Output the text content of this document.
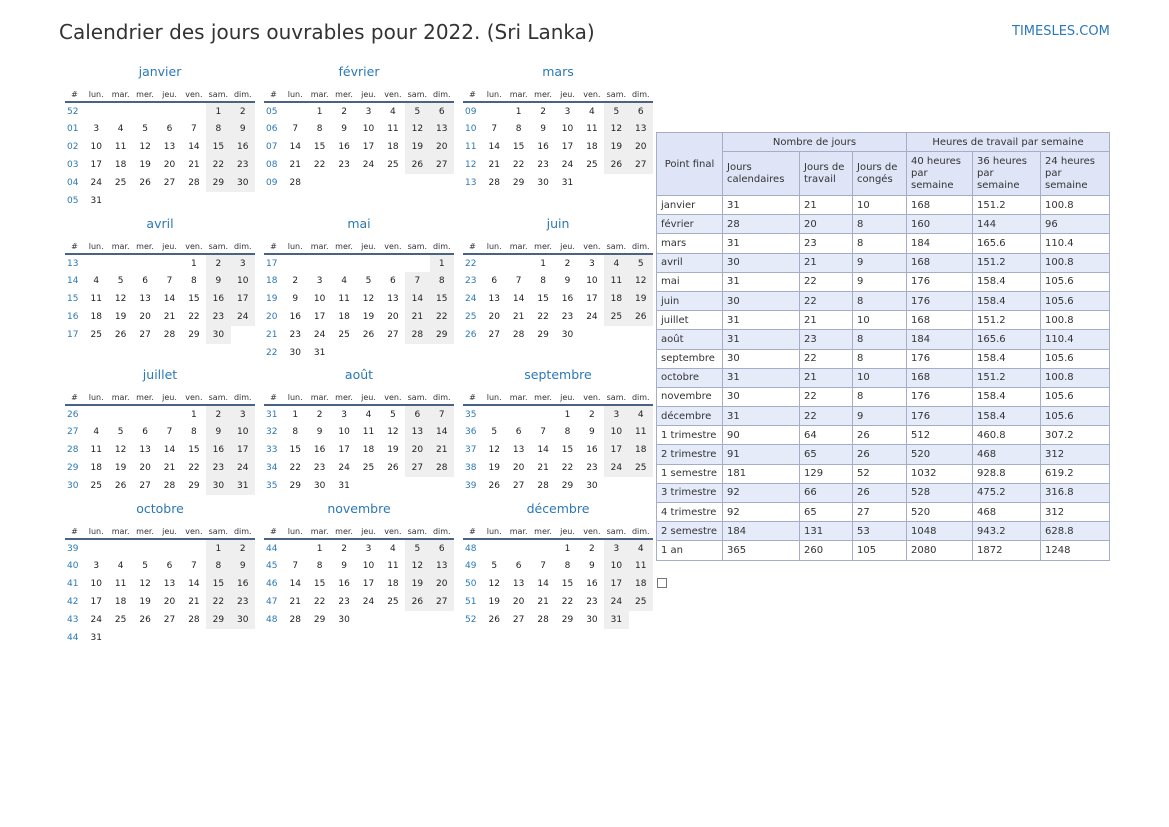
Calendrier des jours ouvrables pour 2022. (Sri Lanka)	TIMESLES.COM
janvier
#	lun.	mar.	mer.	jeu.	ven.	sam.	dim.
52						1	2
01	3	4	5	6	7	8	9
02	10	11	12	13	14	15	16
03	17	18	19	20	21	22	23
04	24	25	26	27	28	29	30
05	31						
février
#	lun.	mar.	mer.	jeu.	ven.	sam.	dim.
05		1	2	3	4	5	6
06	7	8	9	10	11	12	13
07	14	15	16	17	18	19	20
08	21	22	23	24	25	26	27
09	28						
mars
#	lun.	mar.	mer.	jeu.	ven.	sam.	dim.
09		1	2	3	4	5	6
10	7	8	9	10	11	12	13
11	14	15	16	17	18	19	20
12	21	22	23	24	25	26	27
13	28	29	30	31			
avril
#	lun.	mar.	mer.	jeu.	ven.	sam.	dim.
13					1	2	3
14	4	5	6	7	8	9	10
15	11	12	13	14	15	16	17
16	18	19	20	21	22	23	24
17	25	26	27	28	29	30	
mai
#	lun.	mar.	mer.	jeu.	ven.	sam.	dim.
17							1
18	2	3	4	5	6	7	8
19	9	10	11	12	13	14	15
20	16	17	18	19	20	21	22
21	23	24	25	26	27	28	29
22	30	31					
juin
#	lun.	mar.	mer.	jeu.	ven.	sam.	dim.
22			1	2	3	4	5
23	6	7	8	9	10	11	12
24	13	14	15	16	17	18	19
25	20	21	22	23	24	25	26
26	27	28	29	30			
juillet
#	lun.	mar.	mer.	jeu.	ven.	sam.	dim.
26					1	2	3
27	4	5	6	7	8	9	10
28	11	12	13	14	15	16	17
29	18	19	20	21	22	23	24
30	25	26	27	28	29	30	31
août
#	lun.	mar.	mer.	jeu.	ven.	sam.	dim.
31	1	2	3	4	5	6	7
32	8	9	10	11	12	13	14
33	15	16	17	18	19	20	21
34	22	23	24	25	26	27	28
35	29	30	31				
septembre
#	lun.	mar.	mer.	jeu.	ven.	sam.	dim.
35				1	2	3	4
36	5	6	7	8	9	10	11
37	12	13	14	15	16	17	18
38	19	20	21	22	23	24	25
39	26	27	28	29	30		
octobre
#	lun.	mar.	mer.	jeu.	ven.	sam.	dim.
39						1	2
40	3	4	5	6	7	8	9
41	10	11	12	13	14	15	16
42	17	18	19	20	21	22	23
43	24	25	26	27	28	29	30
44	31						
novembre
#	lun.	mar.	mer.	jeu.	ven.	sam.	dim.
44		1	2	3	4	5	6
45	7	8	9	10	11	12	13
46	14	15	16	17	18	19	20
47	21	22	23	24	25	26	27
48	28	29	30				
décembre
#	lun.	mar.	mer.	jeu.	ven.	sam.	dim.
48				1	2	3	4
49	5	6	7	8	9	10	11
50	12	13	14	15	16	17	18
51	19	20	21	22	23	24	25
52	26	27	28	29	30	31	
Point final	Nombre de jours			Heures de travail par semaine		
	Jours calendaires	Jours de travail	Jours de congés	40 heures par semaine	36 heures par semaine	24 heures par semaine
janvier	31	21	10	168	151.2	100.8
février	28	20	8	160	144	96
mars	31	23	8	184	165.6	110.4
avril	30	21	9	168	151.2	100.8
mai	31	22	9	176	158.4	105.6
juin	30	22	8	176	158.4	105.6
juillet	31	21	10	168	151.2	100.8
août	31	23	8	184	165.6	110.4
septembre	30	22	8	176	158.4	105.6
octobre	31	21	10	168	151.2	100.8
novembre	30	22	8	176	158.4	105.6
décembre	31	22	9	176	158.4	105.6
1 trimestre	90	64	26	512	460.8	307.2
2 trimestre	91	65	26	520	468	312
1 semestre	181	129	52	1032	928.8	619.2
3 trimestre	92	66	26	528	475.2	316.8
4 trimestre	92	65	27	520	468	312
2 semestre	184	131	53	1048	943.2	628.8
1 an	365	260	105	2080	1872	1248
